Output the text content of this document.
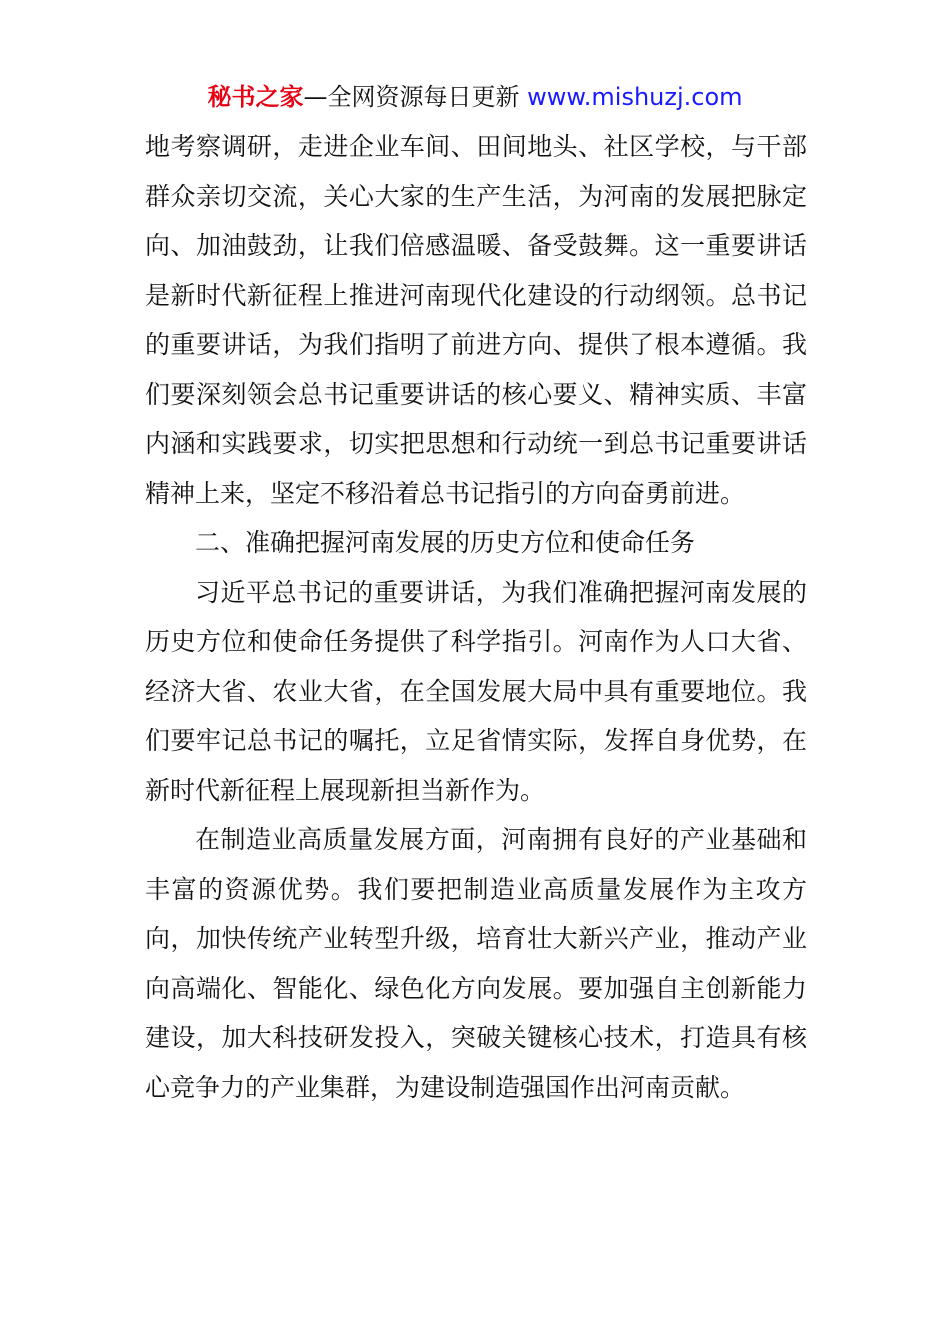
秘书之家—全网资源每日更新 www.mishuzj.com

地考察调研，走进企业车间、田间地头、社区学校，与干部群众亲切交流，关心大家的生产生活，为河南的发展把脉定向、加油鼓劲，让我们倍感温暖、备受鼓舞。这一重要讲话是新时代新征程上推进河南现代化建设的行动纲领。总书记的重要讲话，为我们指明了前进方向、提供了根本遵循。我们要深刻领会总书记重要讲话的核心要义、精神实质、丰富内涵和实践要求，切实把思想和行动统一到总书记重要讲话精神上来，坚定不移沿着总书记指引的方向奋勇前进。

二、准确把握河南发展的历史方位和使命任务

习近平总书记的重要讲话，为我们准确把握河南发展的历史方位和使命任务提供了科学指引。河南作为人口大省、经济大省、农业大省，在全国发展大局中具有重要地位。我们要牢记总书记的嘱托，立足省情实际，发挥自身优势，在新时代新征程上展现新担当新作为。

在制造业高质量发展方面，河南拥有良好的产业基础和丰富的资源优势。我们要把制造业高质量发展作为主攻方向，加快传统产业转型升级，培育壮大新兴产业，推动产业向高端化、智能化、绿色化方向发展。要加强自主创新能力建设，加大科技研发投入，突破关键核心技术，打造具有核心竞争力的产业集群，为建设制造强国作出河南贡献。
